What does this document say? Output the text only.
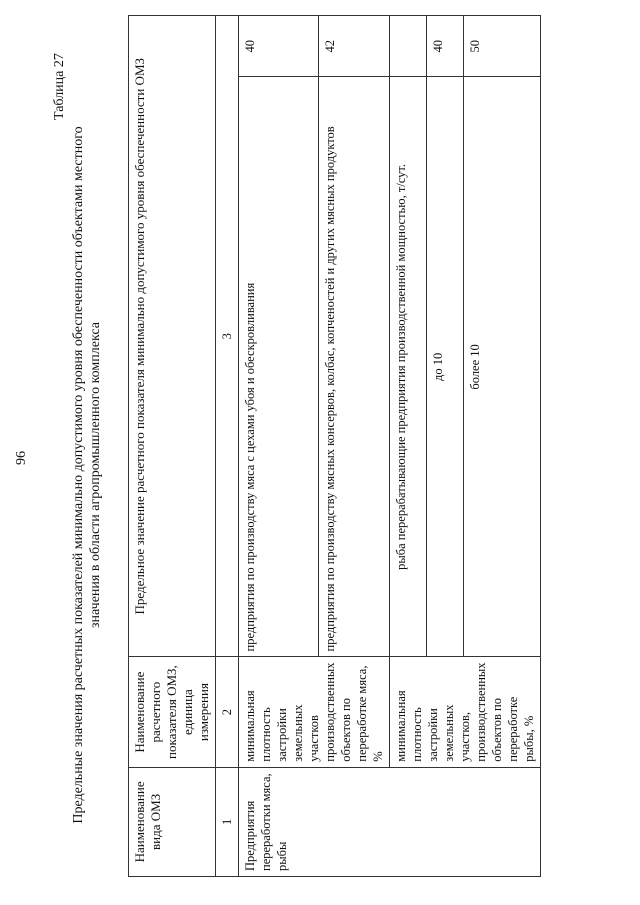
96
Таблица 27
Предельные значения расчетных показателей минимально допустимого уровня обеспеченности объектами местного значения в области агропромышленного комплекса
Наименование вида ОМЗ	Наименование расчетного показателя ОМЗ, единица измерения	Предельное значение расчетного показателя минимально допустимого уровня обеспеченности ОМЗ	
1	2	3	
Предприятия переработки мяса, рыбы	минимальная плотность застройки земельных участков производственных объектов по переработке мяса, %	предприятия по производству мяса с цехами убоя и обескровливания	40
		предприятия по производству мясных консервов, колбас, копченостей и других мясных продуктов	42
	минимальная плотность застройки земельных участков, производственных объектов по переработке рыбы, %	рыба перерабатывающие предприятия производственной мощностью, т/сут.	
		до 10	40
		более 10	50
